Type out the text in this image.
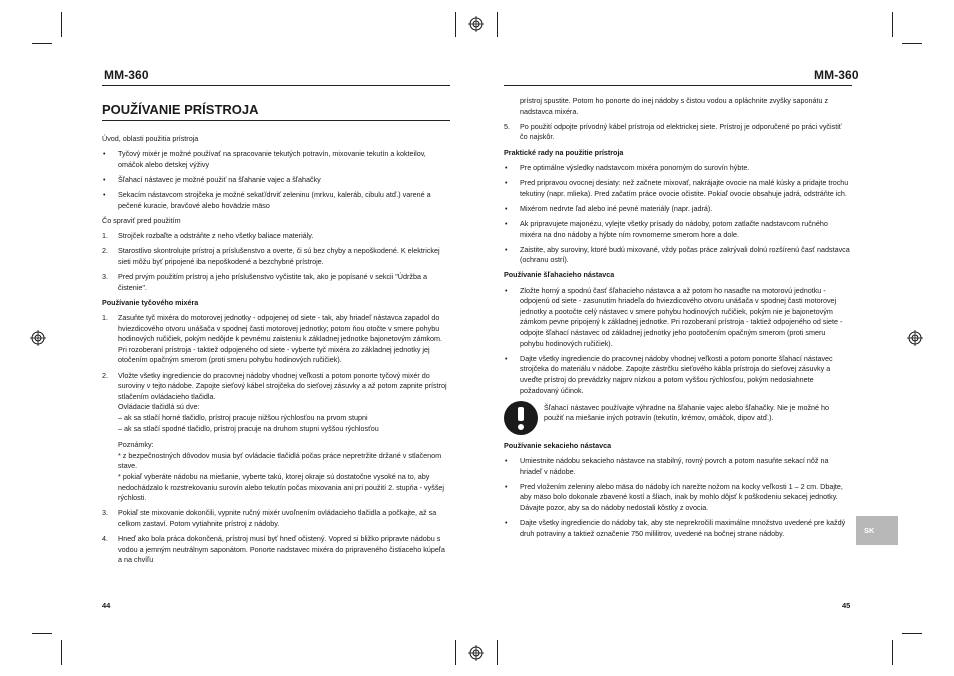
MM-360	MM-360
POUŽÍVANIE PRÍSTROJA

Úvod, oblasti použitia prístroja

•	Tyčový mixér je možné používať na spracovanie tekutých potravín, mixovanie tekutín a kokteilov, omáčok alebo detskej výživy
•	Šľahací nástavec je možné použiť na šľahanie vajec a šľahačky
•	Sekacím nástavcom strojčeka je možné sekať/drviť zeleninu (mrkvu, kaleráb, cibulu atď.) varené a pečené kuracie, bravčové alebo hovädzie mäso

Čo spraviť pred použitím

1.	Strojček rozbaľte a odstráňte z neho všetky baliace materiály.
2.	Starostlivo skontrolujte prístroj a príslušenstvo a overte, či sú bez chyby a nepoškodené. K elektrickej sieti môžu byť pripojené iba nepoškodené a bezchybné prístroje.
3.	Pred prvým použitím prístroj a jeho príslušenstvo vyčistite tak, ako je popísané v sekcii "Údržba a čistenie".

Používanie tyčového mixéra

1.	Zasuňte tyč mixéra do motorovej jednotky - odpojenej od siete - tak, aby hriadeľ nástavca zapadol do hviezdicového otvoru unášača v spodnej časti motorovej jednotky; potom ňou otočte v smere pohybu hodinových ručičiek, pokým nedôjde k pevnému zaisteniu k základnej jednotke bajonetovým zámkom. Pri rozoberaní prístroja - taktiež odpojeného od siete - vyberte tyč mixéra zo základnej jednotky jej otočením opačným smerom (proti smeru pohybu hodinových ručičiek).
2.	Vložte všetky ingrediencie do pracovnej nádoby vhodnej veľkosti a potom ponorte tyčový mixér do suroviny v tejto nádobe. Zapojte sieťový kábel strojčeka do sieťovej zásuvky a až potom zapnite prístroj stlačením ovládacieho tlačidla.
Ovládacie tlačidlá sú dve:
– ak sa stlačí horné tlačidlo, prístroj pracuje nižšou rýchlosťou na prvom stupni
– ak sa stlačí spodné tlačidlo, prístroj pracuje na druhom stupni vyššou rýchlosťou
Poznámky:
* z bezpečnostných dôvodov musia byť ovládacie tlačidlá počas práce nepretržite držané v stlačenom stave.
* pokiaľ vyberáte nádobu na miešanie, vyberte takú, ktorej okraje sú dostatočne vysoké na to, aby nedochádzalo k rozstrekovaniu surovín alebo tekutín počas mixovania ani pri použití 2. stupňa - vyššej rýchlosti.
3.	Pokiaľ ste mixovanie dokončili, vypnite ručný mixér uvoľnením ovládacieho tlačidla a počkajte, až sa celkom zastaví. Potom vytiahnite prístroj z nádoby.
4.	Hneď ako bola práca dokončená, prístroj musí byť hneď očistený. Vopred si bližko pripravte nádobu s vodou a jemným neutrálnym saponátom. Ponorte nadstavec mixéra do pripraveného čistiaceho kúpeľa a na chvíľu
prístroj spustite. Potom ho ponorte do inej nádoby s čistou vodou a opláchnite zvyšky saponátu z nadstavca mixéra.
5.	Po použití odpojte prívodný kábel prístroja od elektrickej siete. Prístroj je odporučené po práci vyčistiť čo najskôr.

Praktické rady na použitie prístroja

•	Pre optimálne výsledky nadstavcom mixéra ponorným do surovín hýbte.
•	Pred pripravou ovocnej desiaty: než začnete mixovať, nakrájajte ovocie na malé kúsky a pridajte trochu tekutiny (napr. mlieka). Pred začatím práce ovocie očistite. Pokiaľ ovocie obsahuje jadrá, odstráňte ich.
•	Mixérom nedrvte ľad alebo iné pevné materiály (napr. jadrá).
•	Ak pripravujete majonézu, vylejte všetky prísady do nádoby, potom zatlačte nadstavcom ručného mixéra na dno nádoby a hýbte ním rovnomerne smerom hore a dole.
•	Zaistite, aby suroviny, ktoré budú mixované, vždy počas práce zakrývali dolnú rozšírenú časť nadstavca (ochranu ostrí).

Používanie šľahacieho nástavca

•	Zložte horný a spodnú časť šľahacieho nástavca a až potom ho nasaďte na motorovú jednotku - odpojenú od siete - zasunutím hriadeľa do hviezdicového otvoru unášača v spodnej časti motorovej jednotky a pootočte celý nástavec v smere pohybu hodinových ručičiek, pokým nie je bajonetovým zámkom pevne pripojený k základnej jednotke. Pri rozoberaní prístroja - taktiež odpojeného od siete - odpojte šľahací nástavec od základnej jednotky jeho pootočením opačným smerom (proti smeru pohybu hodinových ručičiek).
•	Dajte všetky ingrediencie do pracovnej nádoby vhodnej veľkosti a potom ponorte šľahací nástavec strojčeka do materiálu v nádobe. Zapojte zástrčku sieťového kábla prístroja do sieťovej zásuvky a uveďte prístroj do prevádzky najprv nízkou a potom vyššou rýchlosťou, pokým nedosiahnete požadovaný účinok.
Šľahací nástavec používajte výhradne na šľahanie vajec alebo šľahačky. Nie je možné ho použiť na miešanie iných potravín (tekutín, krémov, omáčok, dipov atď.).

Používanie sekacieho nástavca

•	Umiestnite nádobu sekacieho nástavce na stabilný, rovný povrch a potom nasuňte sekací nôž na hriadeľ v nádobe.
•	Pred vložením zeleniny alebo mäsa do nádoby ich narežte nožom na kocky veľkosti 1 – 2 cm. Dbajte, aby mäso bolo dokonale zbavené kostí a šliach, inak by mohlo dôjsť k poškodeniu sekacej jednotky. Dávajte pozor, aby sa do nádoby nedostali kôstky z ovocia.
•	Dajte všetky ingrediencie do nádoby tak, aby ste neprekročili maximálne množstvo uvedené pre každý druh potraviny a taktiež označenie 750 mililitrov, uvedené na bočnej strane nádoby.	SK
44	45
